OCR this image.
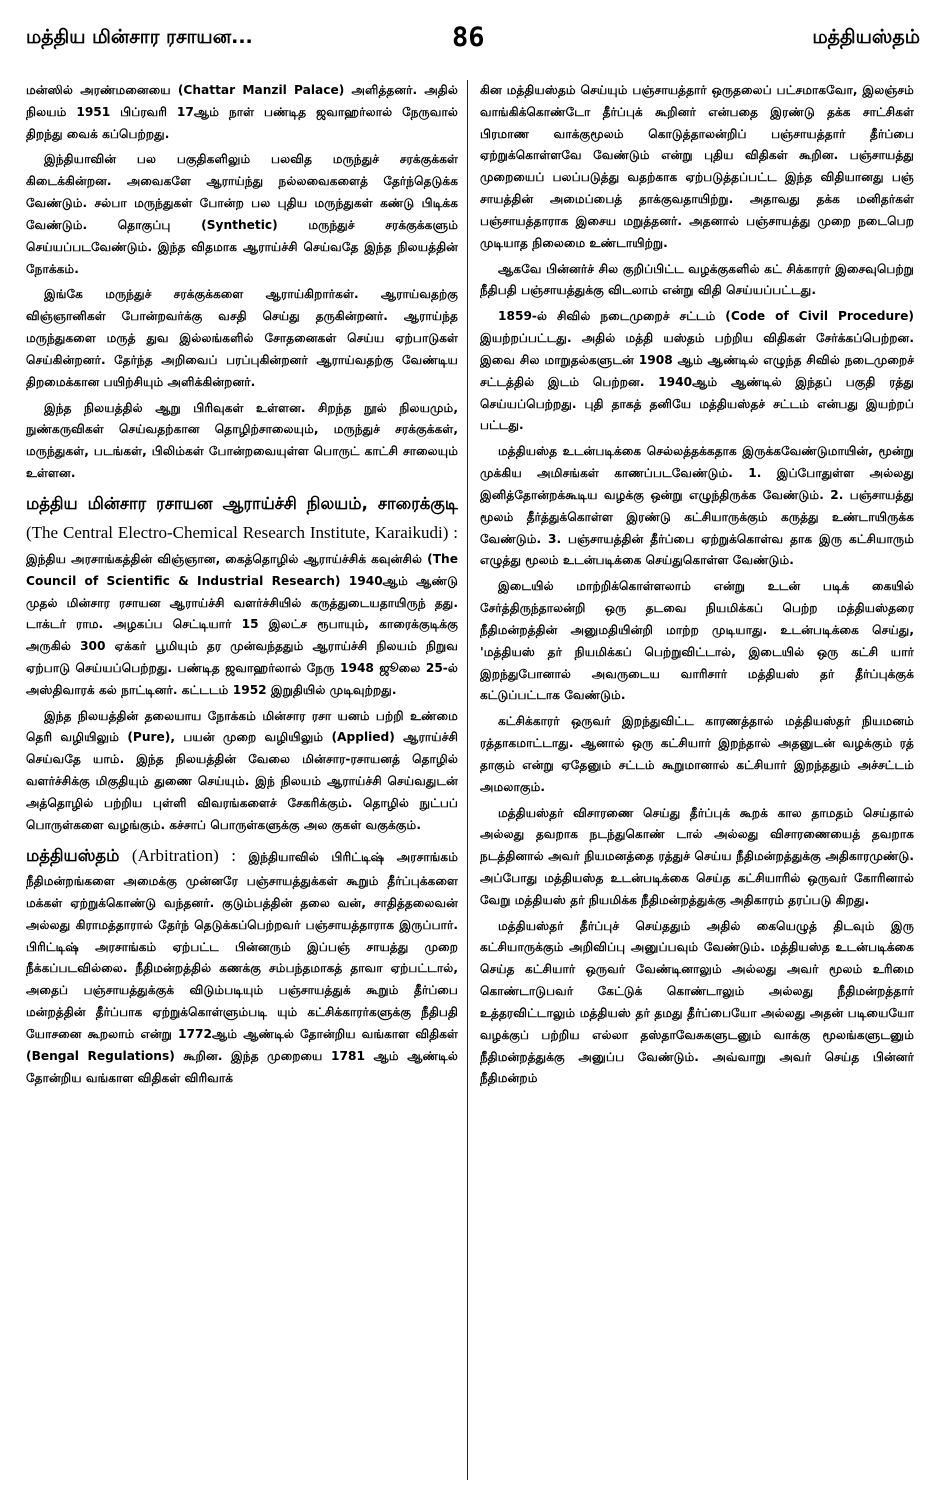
மத்திய மின்சார ரசாயன...	86	மத்தியஸ்தம்

மன்ஸில் அரண்மனையை (Chattar Manzil Palace) அளித்தனர். அதில் நிலயம் 1951 பிப்ரவரி 17ஆம் நாள் பண்டித ஜவாஹர்லால் நேருவால் திறந்து வைக் கப்பெற்றது.

இந்தியாவின் பல பகுதிகளிலும் பலவித மருந்துச் சரக்குக்கள் கிடைக்கின்றன. அவைகளே ஆராய்ந்து நல்லவைகளைத் தேர்ந்தெடுக்க வேண்டும். சல்பா மருந்துகள் போன்ற பல புதிய மருந்துகள் கண்டு பிடிக்க வேண்டும். தொகுப்பு (Synthetic) மருந்துச் சரக்குக்களும் செய்யப்படவேண்டும். இந்த விதமாக ஆராய்ச்சி செய்வதே இந்த நிலயத்தின் நோக்கம்.

இங்கே மருந்துச் சரக்குக்களை ஆராய்கிறார்கள். ஆராய்வதற்கு விஞ்ஞானிகள் போன்றவர்க்கு வசதி செய்து தருகின்றனர். ஆராய்ந்த மருந்துகளை மருத் துவ இல்லங்களில் சோதனைகள் செய்ய ஏற்பாடுகள் செய்கின்றனர். தேர்ந்த அறிவைப் பரப்புகின்றனர் ஆராய்வதற்கு வேண்டிய திறமைக்கான பயிற்சியும் அளிக்கின்றனர்.

இந்த நிலயத்தில் ஆறு பிரிவுகள் உள்ளன. சிறந்த நூல் நிலயமும், நுண்கருவிகள் செய்வதற்கான தொழிற்சாலையும், மருந்துச் சரக்குக்கள், மருந்துகள், படங்கள், பிலிம்கள் போன்றவையுள்ள பொருட் காட்சி சாலையும் உள்ளன.

மத்திய மின்சார ரசாயன ஆராய்ச்சி நிலயம், சாரைக்குடி (The Central Electro-Chemical Research Institute, Karaikudi) : இந்திய அரசாங்கத்தின் விஞ்ஞான, கைத்தொழில் ஆராய்ச்சிக் கவுன்சில் (The Council of Scientific & Industrial Research) 1940ஆம் ஆண்டு முதல் மின்சார ரசாயன ஆராய்ச்சி வளர்ச்சியில் கருத்துடையதாயிருந் தது. டாக்டர் ராம. அழகப்ப செட்டியார் 15 இலட்ச ரூபாயும், காரைக்குடிக்கு அருகில் 300 ஏக்கர் பூமியும் தர முன்வந்ததும் ஆராய்ச்சி நிலயம் நிறுவ ஏற்பாடு செய்யப்பெற்றது. பண்டித ஜவாஹர்லால் நேரு 1948 ஜூலை 25-ல் அஸ்திவாரக் கல் நாட்டினர். கட்டடம் 1952 இறுதியில் முடிவுற்றது.

இந்த நிலயத்தின் தலையாய நோக்கம் மின்சார ரசா யனம் பற்றி உண்மை தெரி வழியிலும் (Pure), பயன் முறை வழியிலும் (Applied) ஆராய்ச்சி செய்வதே யாம். இந்த நிலயத்தின் வேலை மின்சார-ரசாயனத் தொழில் வளர்ச்சிக்கு மிகுதியும் துணை செய்யும். இந் நிலயம் ஆராய்ச்சி செய்வதுடன் அத்தொழில் பற்றிய புள்ளி விவரங்களைச் சேகரிக்கும். தொழில் நுட்பப் பொருள்களை வழங்கும். கச்சாப் பொருள்களுக்கு அல குகள் வகுக்கும்.

மத்தியஸ்தம் (Arbitration) : இந்தியாவில் பிரிட்டிஷ் அரசாங்கம் நீதிமன்றங்களை அமைக்கு முன்னரே பஞ்சாயத்துக்கள் கூறும் தீர்ப்புக்களை மக்கள் ஏற்றுக்கொண்டு வந்தனர். குடும்பத்தின் தலை வன், சாதித்தலைவன் அல்லது கிராமத்தாரால் தேர்ந் தெடுக்கப்பெற்றவர் பஞ்சாயத்தாராக இருப்பார். பிரிட்டிஷ் அரசாங்கம் ஏற்பட்ட பின்னரும் இப்பஞ் சாயத்து முறை நீக்கப்படவில்லை. நீதிமன்றத்தில் கணக்கு சம்பந்தமாகத் தாவா ஏற்பட்டால், அதைப் பஞ்சாயத்துக்குக் விடும்படியும் பஞ்சாயத்துக் கூறும் தீர்ப்பை மன்றத்தின் தீர்ப்பாக ஏற்றுக்கொள்ளும்படி யும் கட்சிக்காரர்களுக்கு நீதிபதி யோசனை கூறலாம் என்று 1772ஆம் ஆண்டில் தோன்றிய வங்காள விதிகள் (Bengal Regulations) கூறின. இந்த முறையை 1781 ஆம் ஆண்டில் தோன்றிய வங்காள விதிகள் விரிவாக்

கின மத்தியஸ்தம் செய்யும் பஞ்சாயத்தார் ஒருதலைப் பட்சமாகவோ, இலஞ்சம் வாங்கிக்கொண்டோ தீர்ப்புக் கூறினர் என்பதை இரண்டு தக்க சாட்சிகள் பிரமாண வாக்குமூலம் கொடுத்தாலன்றிப் பஞ்சாயத்தார் தீர்ப்பை ஏற்றுக்கொள்ளவே வேண்டும் என்று புதிய விதிகள் கூறின. பஞ்சாயத்து முறையைப் பலப்படுத்து வதற்காக ஏற்படுத்தப்பட்ட இந்த விதியானது பஞ் சாயத்தின் அமைப்பைத் தாக்குவதாயிற்று. அதாவது தக்க மனிதர்கள் பஞ்சாயத்தாராக இசைய மறுத்தனர். அதனால் பஞ்சாயத்து முறை நடைபெற முடியாத நிலைமை உண்டாயிற்று.

ஆகவே பின்னர்ச் சில குறிப்பிட்ட வழக்குகளில் கட் சிக்காரர் இசைவுபெற்று நீதிபதி பஞ்சாயத்துக்கு விடலாம் என்று விதி செய்யப்பட்டது.

1859-ல் சிவில் நடைமுறைச் சட்டம் (Code of Civil Procedure) இயற்றப்பட்டது. அதில் மத்தி யஸ்தம் பற்றிய விதிகள் சேர்க்கப்பெற்றன. இவை சில மாறுதல்களுடன் 1908 ஆம் ஆண்டில் எழுந்த சிவில் நடைமுறைச் சட்டத்தில் இடம் பெற்றன. 1940ஆம் ஆண்டில் இந்தப் பகுதி ரத்து செய்யப்பெற்றது. புதி தாகத் தனியே மத்தியஸ்தச் சட்டம் என்பது இயற்றப் பட்டது.

மத்தியஸ்த உடன்படிக்கை செல்லத்தக்கதாக இருக்கவேண்டுமாயின், மூன்று முக்கிய அமிசங்கள் காணப்படவேண்டும். 1. இப்போதுள்ள அல்லது இனித்தோன்றக்கூடிய வழக்கு ஒன்று எழுந்திருக்க வேண்டும். 2. பஞ்சாயத்து மூலம் தீர்த்துக்கொள்ள இரண்டு கட்சியாருக்கும் கருத்து உண்டாயிருக்க வேண்டும். 3. பஞ்சாயத்தின் தீர்ப்பை ஏற்றுக்கொள்வ தாக இரு கட்சியாரும் எழுத்து மூலம் உடன்படிக்கை செய்துகொள்ள வேண்டும்.

இடையில் மாற்றிக்கொள்ளலாம் என்று உடன் படிக் கையில் சேர்த்திருந்தாலன்றி ஒரு தடவை நியமிக்கப் பெற்ற மத்தியஸ்தரை நீதிமன்றத்தின் அனுமதியின்றி மாற்ற முடியாது. உடன்படிக்கை செய்து, 'மத்தியஸ் தர் நியமிக்கப் பெற்றுவிட்டால், இடையில் ஒரு கட்சி யார் இறந்துபோனால் அவருடைய வாரிசார் மத்தியஸ் தர் தீர்ப்புக்குக் கட்டுப்பட்டாக வேண்டும்.

கட்சிக்காரர் ஒருவர் இறந்துவிட்ட காரணத்தால் மத்தியஸ்தர் நியமனம் ரத்தாகமாட்டாது. ஆனால் ஒரு கட்சியார் இறந்தால் அதனுடன் வழக்கும் ரத் தாகும் என்று ஏதேனும் சட்டம் கூறுமானால் கட்சியார் இறந்ததும் அச்சட்டம் அமலாகும்.

மத்தியஸ்தர் விசாரணை செய்து தீர்ப்புக் கூறக் கால தாமதம் செய்தால் அல்லது தவறாக நடந்துகொண் டால் அல்லது விசாரணையைத் தவறாக நடத்தினால் அவர் நியமனத்தை ரத்துச் செய்ய நீதிமன்றத்துக்கு அதிகாரமுண்டு. அப்போது மத்தியஸ்த உடன்படிக்கை செய்த கட்சியாரில் ஒருவர் கோரினால் வேறு மத்தியஸ் தர் நியமிக்க நீதிமன்றத்துக்கு அதிகாரம் தரப்படு கிறது.

மத்தியஸ்தர் தீர்ப்புச் செய்ததும் அதில் கையெழுத் திடவும் இரு கட்சியாருக்கும் அறிவிப்பு அனுப்பவும் வேண்டும். மத்தியஸ்த உடன்படிக்கை செய்த கட்சியார் ஒருவர் வேண்டினாலும் அல்லது அவர் மூலம் உரிமை கொண்டாடுபவர் கேட்டுக் கொண்டாலும் அல்லது நீதிமன்றத்தார் உத்தரவிட்டாலும் மத்தியஸ் தர் தமது தீர்ப்பையோ அல்லது அதன் படியையோ வழக்குப் பற்றிய எல்லா தஸ்தாவேசுகளுடனும் வாக்கு மூலங்களுடனும் நீதிமன்றத்துக்கு அனுப்ப வேண்டும். அவ்வாறு அவர் செய்த பின்னர் நீதிமன்றம்
